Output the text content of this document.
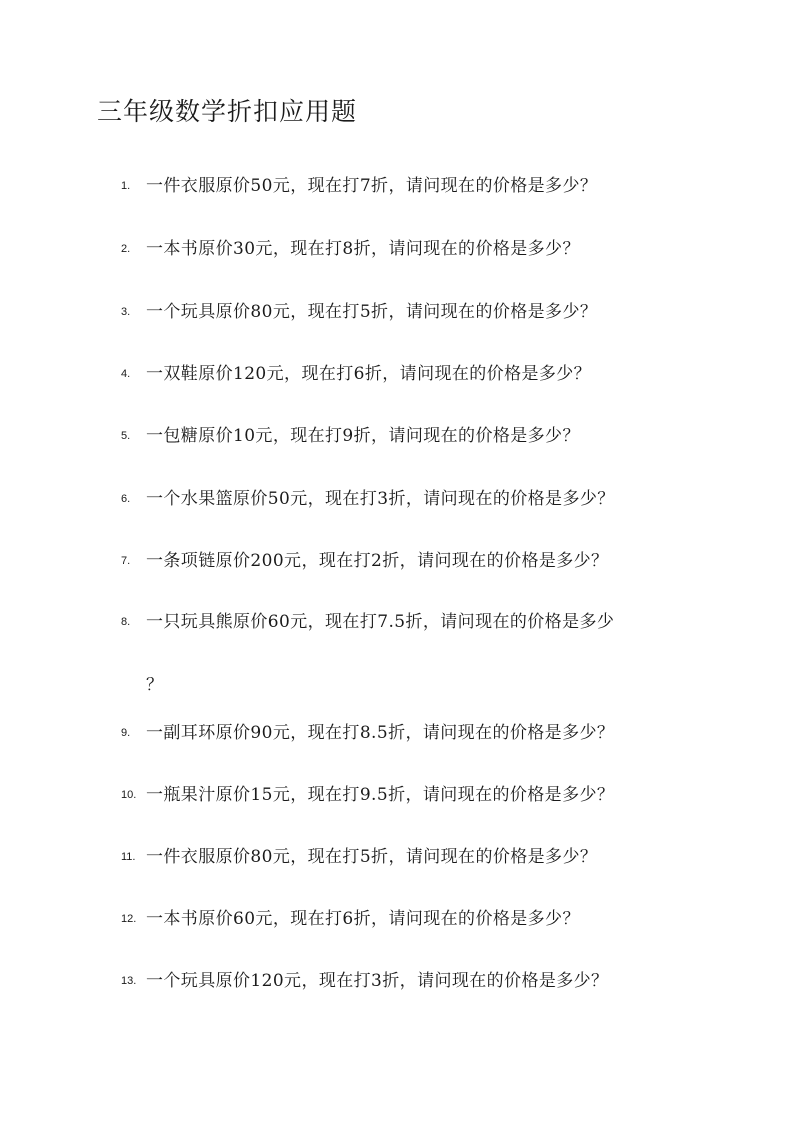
三年级数学折扣应用题
1. 一件衣服原价50元，现在打7折，请问现在的价格是多少？
2. 一本书原价30元，现在打8折，请问现在的价格是多少？
3. 一个玩具原价80元，现在打5折，请问现在的价格是多少？
4. 一双鞋原价120元，现在打6折，请问现在的价格是多少？
5. 一包糖原价10元，现在打9折，请问现在的价格是多少？
6. 一个水果篮原价50元，现在打3折，请问现在的价格是多少？
7. 一条项链原价200元，现在打2折，请问现在的价格是多少？
8. 一只玩具熊原价60元，现在打7.5折，请问现在的价格是多少
？
9. 一副耳环原价90元，现在打8.5折，请问现在的价格是多少？
10. 一瓶果汁原价15元，现在打9.5折，请问现在的价格是多少？
11. 一件衣服原价80元，现在打5折，请问现在的价格是多少？
12. 一本书原价60元，现在打6折，请问现在的价格是多少？
13. 一个玩具原价120元，现在打3折，请问现在的价格是多少？
